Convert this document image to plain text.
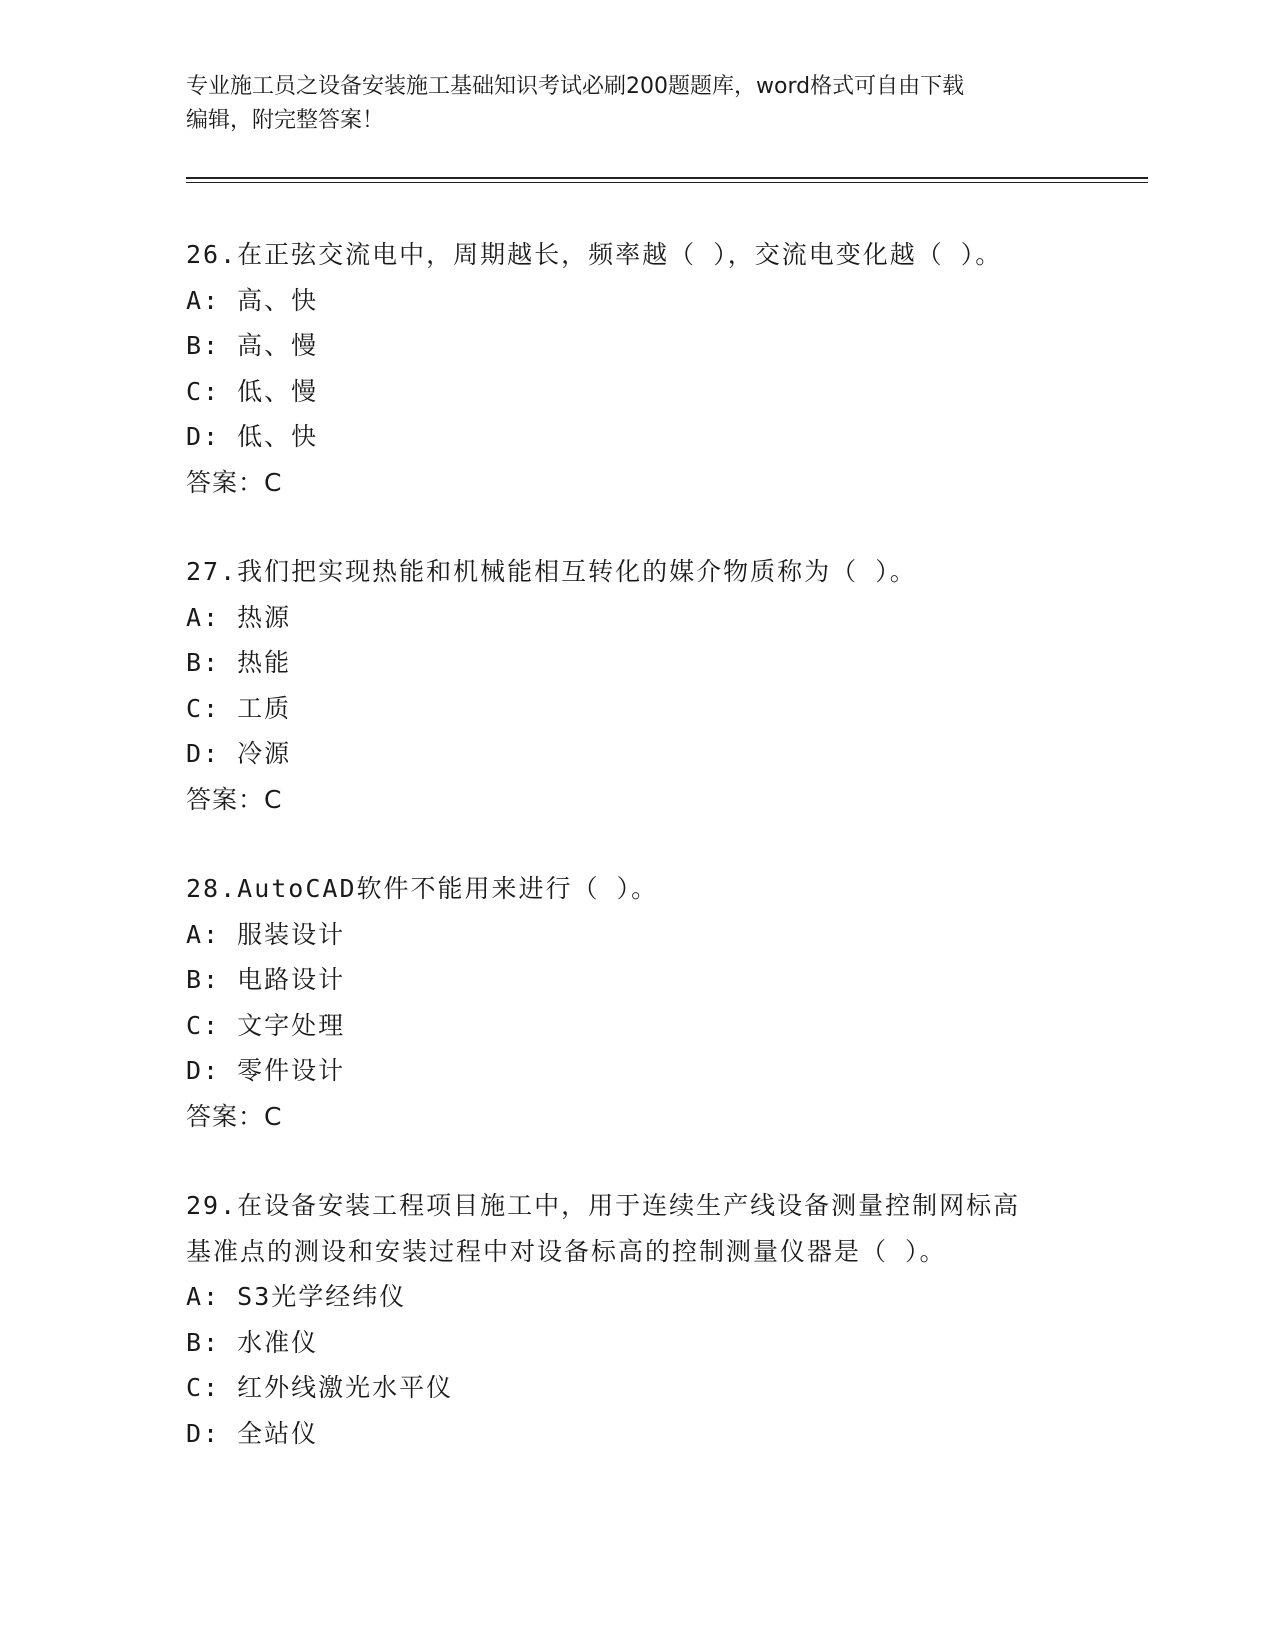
专业施工员之设备安装施工基础知识考试必刷200题题库，word格式可自由下载
编辑，附完整答案！
26.在正弦交流电中，周期越长，频率越（ ），交流电变化越（ ）。
A: 高、快
B: 高、慢
C: 低、慢
D: 低、快
答案：C
27.我们把实现热能和机械能相互转化的媒介物质称为（ ）。
A: 热源
B: 热能
C: 工质
D: 冷源
答案：C
28.AutoCAD软件不能用来进行（ ）。
A: 服装设计
B: 电路设计
C: 文字处理
D: 零件设计
答案：C
29.在设备安装工程项目施工中，用于连续生产线设备测量控制网标高
基准点的测设和安装过程中对设备标高的控制测量仪器是（ ）。
A: S3光学经纬仪
B: 水准仪
C: 红外线激光水平仪
D: 全站仪
